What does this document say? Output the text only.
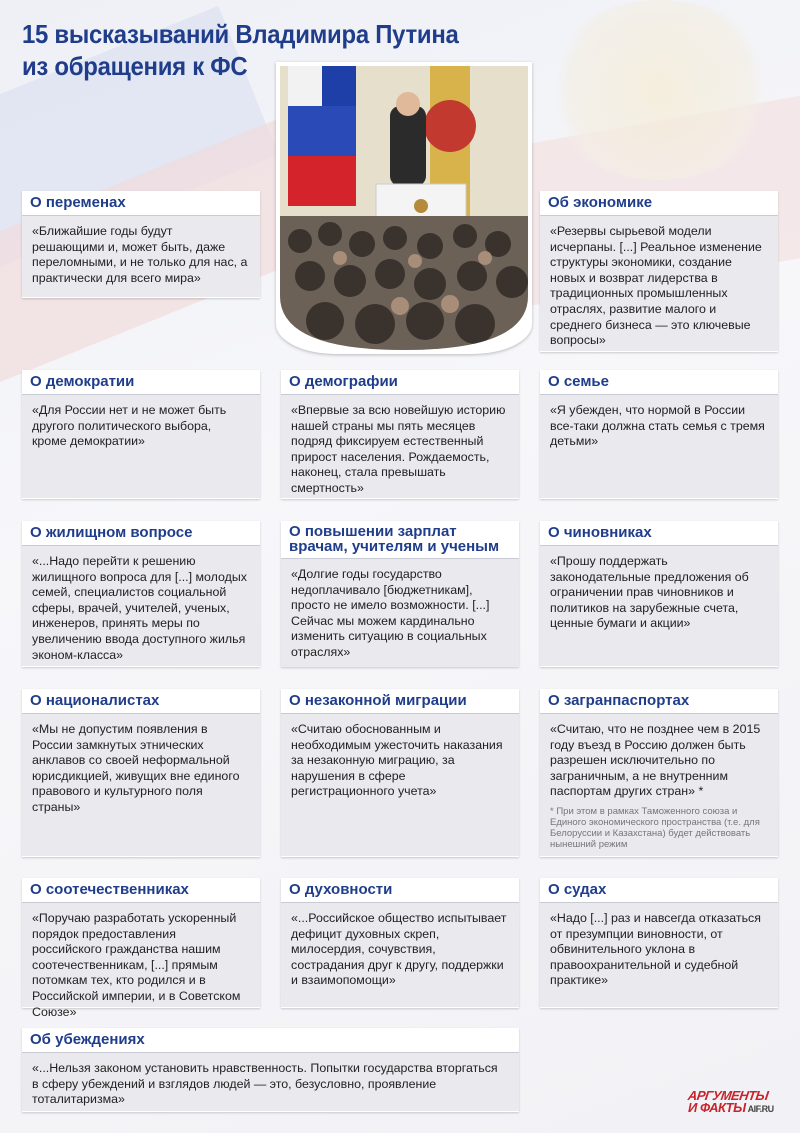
15 высказываний Владимира Путина
из обращения к ФС
О переменах
«Ближайшие годы будут решающими и, может быть, даже переломными, и не только для нас, а практически для всего мира»
Об экономике
«Резервы сырьевой модели исчерпаны. [...] Реальное изменение структуры экономики, создание новых и возврат лидерства в традиционных промышленных отраслях, развитие малого и среднего бизнеса — это ключевые вопросы»
О демократии
«Для России нет и не может быть другого политического выбора, кроме демократии»
О демографии
«Впервые за всю новейшую историю нашей страны мы пять месяцев подряд фиксируем естественный прирост населения. Рождаемость, наконец, стала превышать смертность»
О семье
«Я убежден, что нормой в России все-таки должна стать семья с тремя детьми»
О жилищном вопросе
«...Надо перейти к решению жилищного вопроса для [...] молодых семей, специалистов социальной сферы, врачей, учителей, ученых, инженеров, принять меры по увеличению ввода доступного жилья эконом-класса»
О повышении зарплат врачам, учителям и ученым
«Долгие годы государство недоплачивало [бюджетникам], просто не имело возможности. [...] Сейчас мы можем кардинально изменить ситуацию в социальных отраслях»
О чиновниках
«Прошу поддержать законодательные предложения об ограничении прав чиновников и политиков на зарубежные счета, ценные бумаги и акции»
О националистах
«Мы не допустим появления в России замкнутых этнических анклавов со своей неформальной юрисдикцией, живущих вне единого правового и культурного поля страны»
О незаконной миграции
«Считаю обоснованным и необходимым ужесточить наказания за незаконную миграцию, за нарушения в сфере регистрационного учета»
О загранпаспортах
«Считаю, что не позднее чем в 2015 году въезд в Россию должен быть разрешен исключительно по заграничным, а не внутренним паспортам других стран» *
* При этом в рамках Таможенного союза и Единого экономического пространства (т.е. для Белоруссии и Казахстана) будет действовать нынешний режим
О соотечественниках
«Поручаю разработать ускоренный порядок предоставления российского гражданства нашим соотечественникам, [...] прямым потомкам тех, кто родился и в Российской империи, и в Советском Союзе»
О духовности
«...Российское общество испытывает дефицит духовных скреп, милосердия, сочувствия, сострадания друг к другу, поддержки и взаимопомощи»
О судах
«Надо [...] раз и навсегда отказаться от презумпции виновности, от обвинительного уклона в правоохранительной и судебной практике»
Об убеждениях
«...Нельзя законом установить нравственность. Попытки государства вторгаться в сферу убеждений и взглядов людей — это, безусловно, проявление тоталитаризма»	АРГУМЕНТЫ
И ФАКТЫ AIF.RU
